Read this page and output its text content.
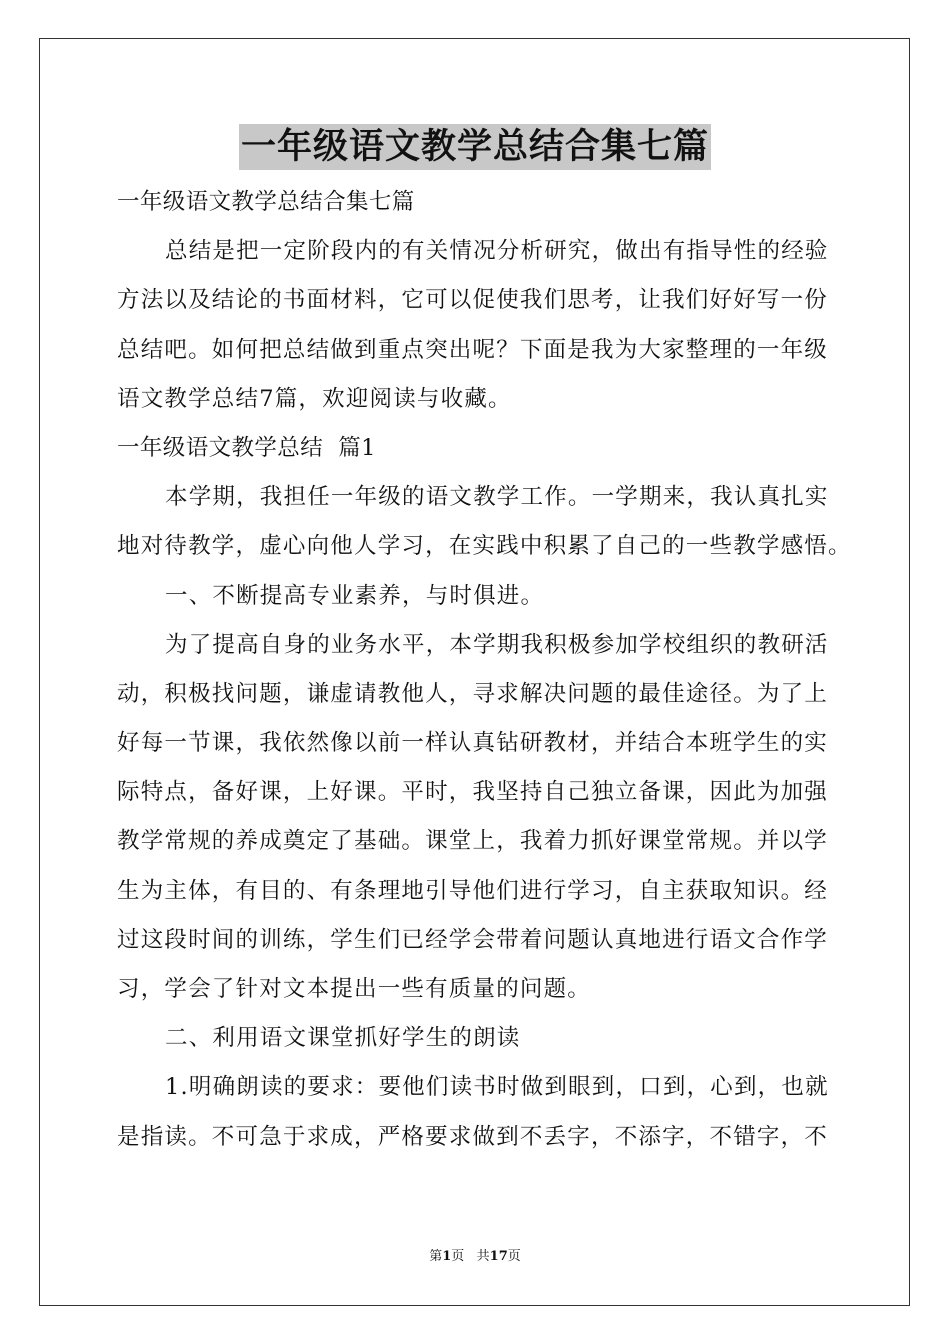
一年级语文教学总结合集七篇
一年级语文教学总结合集七篇
总结是把一定阶段内的有关情况分析研究，做出有指导性的经验
方法以及结论的书面材料，它可以促使我们思考，让我们好好写一份
总结吧。如何把总结做到重点突出呢？下面是我为大家整理的一年级
语文教学总结7篇，欢迎阅读与收藏。
一年级语文教学总结  篇1
本学期，我担任一年级的语文教学工作。一学期来，我认真扎实
地对待教学，虚心向他人学习，在实践中积累了自己的一些教学感悟。
一、不断提高专业素养，与时俱进。
为了提高自身的业务水平，本学期我积极参加学校组织的教研活
动，积极找问题，谦虚请教他人，寻求解决问题的最佳途径。为了上
好每一节课，我依然像以前一样认真钻研教材，并结合本班学生的实
际特点，备好课，上好课。平时，我坚持自己独立备课，因此为加强
教学常规的养成奠定了基础。课堂上，我着力抓好课堂常规。并以学
生为主体，有目的、有条理地引导他们进行学习，自主获取知识。经
过这段时间的训练，学生们已经学会带着问题认真地进行语文合作学
习，学会了针对文本提出一些有质量的问题。
二、利用语文课堂抓好学生的朗读
1.明确朗读的要求：要他们读书时做到眼到，口到，心到，也就
是指读。不可急于求成，严格要求做到不丢字，不添字，不错字，不
第1页   共17页
